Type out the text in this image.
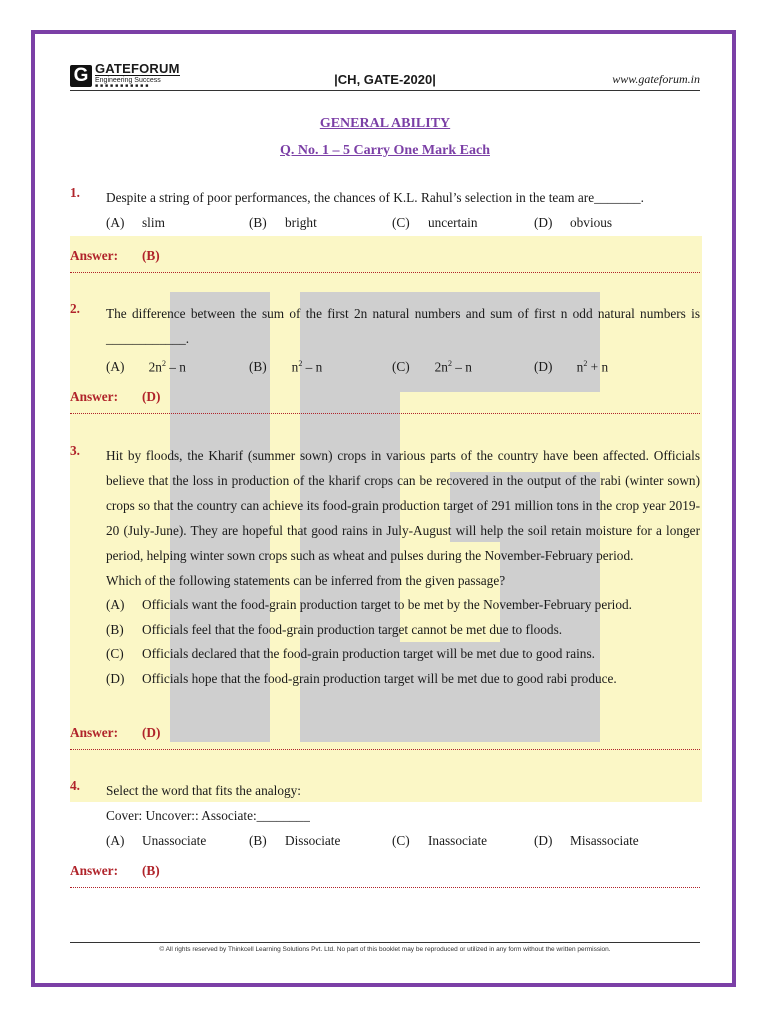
G GATEFORUM
Engineering Success
■■■■■■■■■■■	|CH, GATE-2020|	www.gateforum.in
GENERAL ABILITY
Q. No. 1 – 5 Carry One Mark Each
1. Despite a string of poor performances, the chances of K.L. Rahul’s selection in the team are_______.
(A) slim	(B) bright	(C) uncertain	(D) obvious
Answer: (B)
2. The difference between the sum of the first 2n natural numbers and sum of first n odd natural numbers is ____________.
(A) $2n^2$ – n	(B) $n^2$ – n	(C) $2n^2$ – n	(D) $n^2 + n$
Answer: (D)
3. Hit by floods, the Kharif (summer sown) crops in various parts of the country have been affected. Officials believe that the loss in production of the kharif crops can be recovered in the output of the rabi (winter sown) crops so that the country can achieve its food-grain production target of 291 million tons in the crop year 2019-20 (July-June). They are hopeful that good rains in July-August will help the soil retain moisture for a longer period, helping winter sown crops such as wheat and pulses during the November-February period.
Which of the following statements can be inferred from the given passage?
(A)	Officials want the food-grain production target to be met by the November-February period.
(B)	Officials feel that the food-grain production target cannot be met due to floods.
(C)	Officials declared that the food-grain production target will be met due to good rains.
(D)	Officials hope that the food-grain production target will be met due to good rabi produce.
Answer: (D)
4. Select the word that fits the analogy:
Cover: Uncover:: Associate:________
(A) Unassociate	(B) Dissociate	(C) Inassociate	(D) Misassociate
Answer: (B)
© All rights reserved by Thinkcell Learning Solutions Pvt. Ltd. No part of this booklet may be reproduced or utilized in any form without the written permission.
